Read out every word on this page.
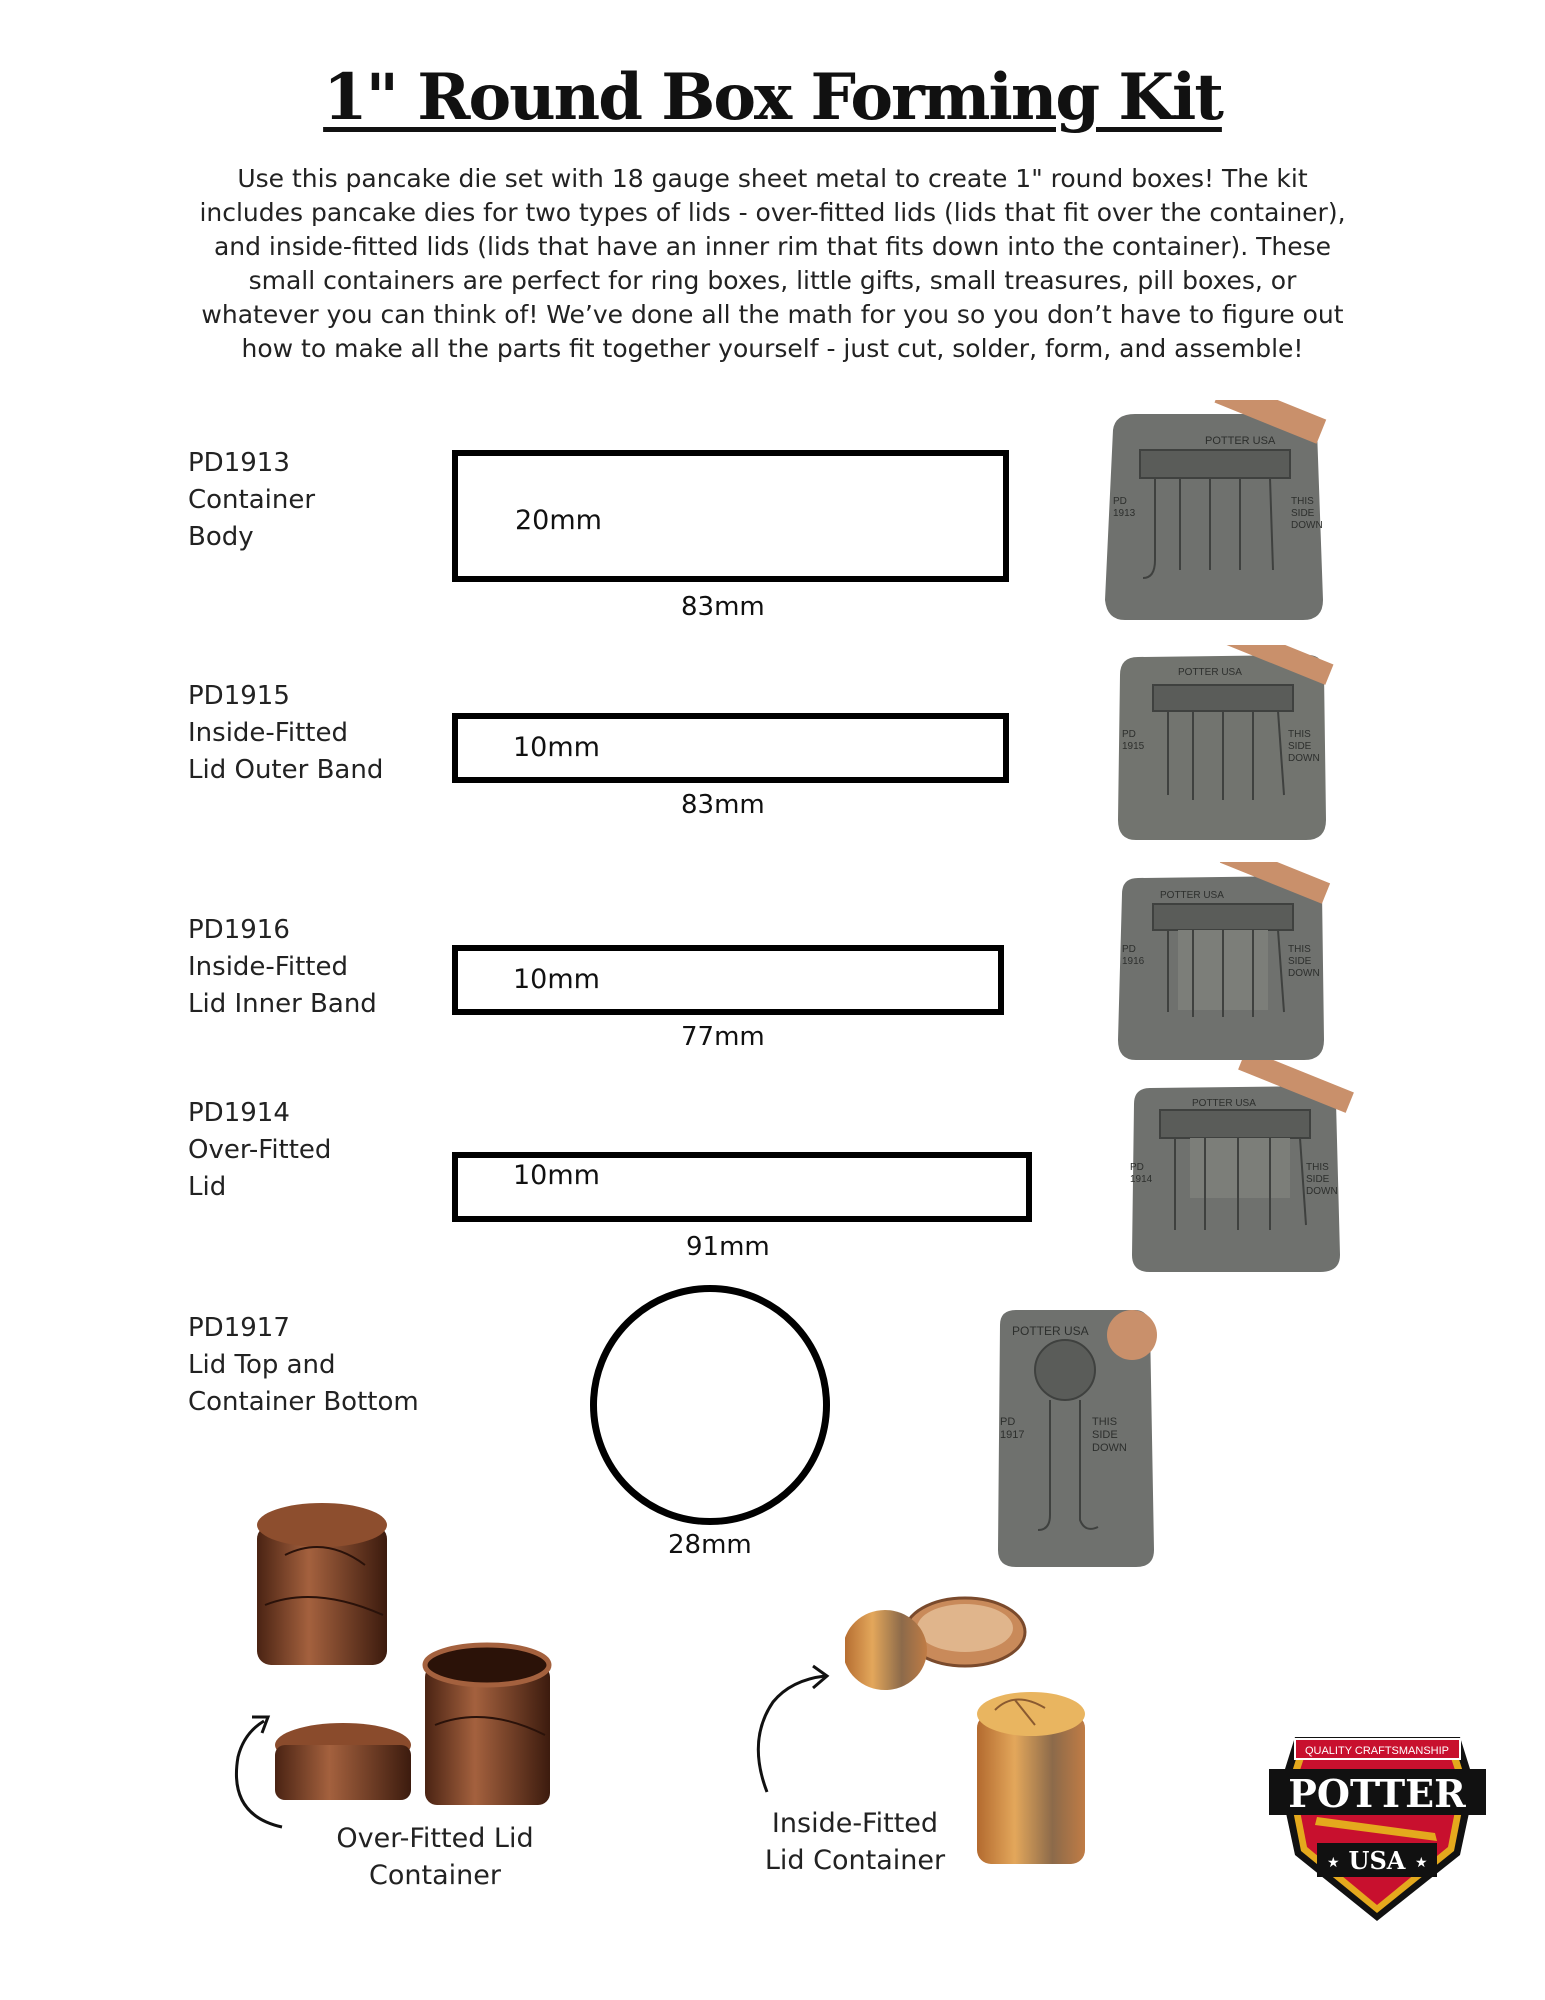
1" Round Box Forming Kit
Use this pancake die set with 18 gauge sheet metal to create 1" round boxes! The kit includes pancake dies for two types of lids - over-fitted lids (lids that fit over the container), and inside-fitted lids (lids that have an inner rim that fits down into the container). These small containers are perfect for ring boxes, little gifts, small treasures, pill boxes, or whatever you can think of! We’ve done all the math for you so you don’t have to figure out how to make all the parts fit together yourself - just cut, solder, form, and assemble!
PD1913
Container
Body
20mm
83mm
PD1915
Inside-Fitted
Lid Outer Band
10mm
83mm
PD1916
Inside-Fitted
Lid Inner Band
10mm
77mm
PD1914
Over-Fitted
Lid	10mm
91mm
PD1917
Lid Top and
Container Bottom
28mm
POTTER USA
PD
1913
THIS
SIDE
DOWN
POTTER USA
PD
1915
THIS
SIDE
DOWN
POTTER USA
PD
1916
THIS
SIDE
DOWN
POTTER USA
PD
1914
THIS
SIDE
DOWN
POTTER USA
PD
1917
THIS
SIDE
DOWN
Over-Fitted Lid
Container
Inside-Fitted
Lid Container
QUALITY CRAFTSMANSHIP
POTTER
USA
★	★
